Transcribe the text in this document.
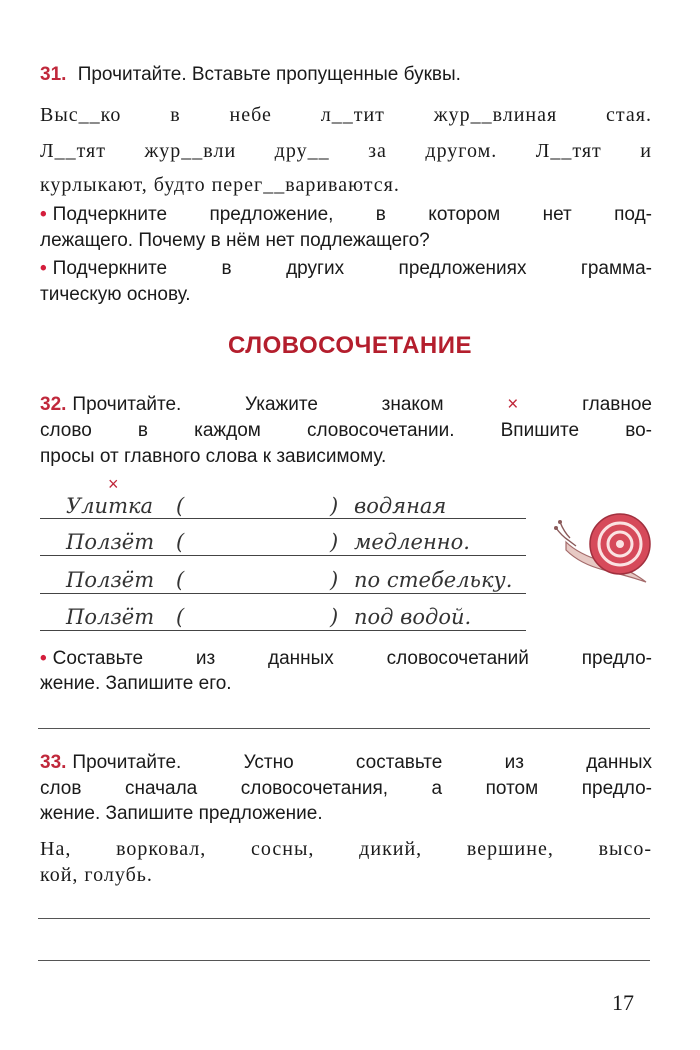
31. Прочитайте. Вставьте пропущенные буквы.
Выс__ко в небе л__тит жур__влиная стая.
Л__тят жур__вли дру__ за другом. Л__тят и
курлыкают, будто перег__вариваются.
• Подчеркните предложение, в котором нет под-
лежащего. Почему в нём нет подлежащего?
• Подчеркните в других предложениях грамма-
тическую основу.
СЛОВОСОЧЕТАНИЕ
32. Прочитайте. Укажите знаком	×	главное
слово в каждом словосочетании. Впишите во-
просы от главного слова к зависимому.
×
Улитка (	) водяная
Ползёт (	) медленно.
Ползёт (	) по стебельку.
Ползёт (	) под водой.
• Составьте из данных словосочетаний предло-
жение. Запишите его.
33. Прочитайте. Устно составьте из данных
слов сначала словосочетания, а потом предло-
жение. Запишите предложение.
На, ворковал, сосны, дикий, вершине, высо-
кой, голубь.
17
